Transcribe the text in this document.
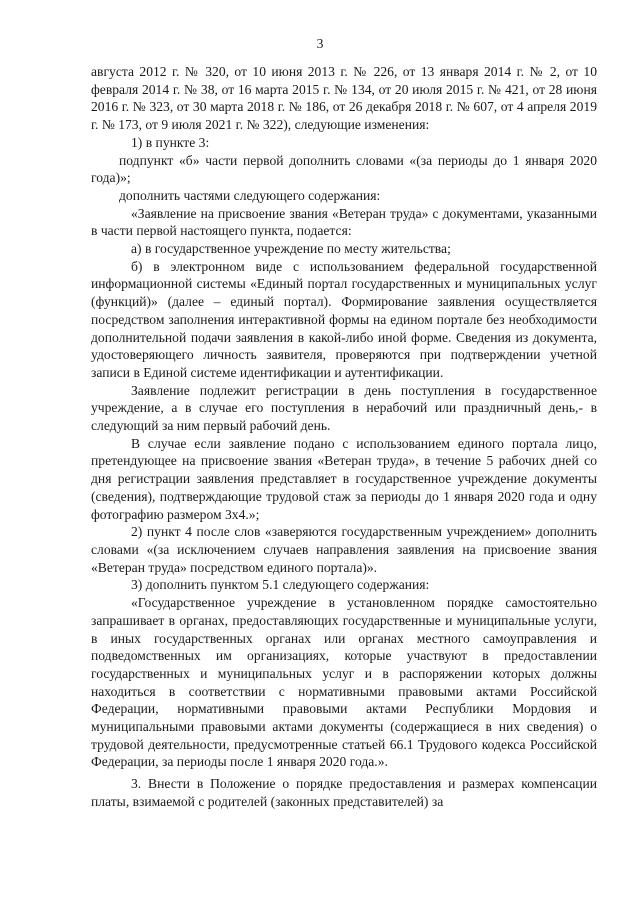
3

августа 2012 г. № 320, от 10 июня 2013 г. № 226, от 13 января 2014 г. № 2, от 10 февраля 2014 г. № 38, от 16 марта 2015 г. № 134, от 20 июля 2015 г. № 421, от 28 июня 2016 г. № 323, от 30 марта 2018 г. № 186, от 26 декабря 2018 г. № 607, от 4 апреля 2019 г. № 173, от 9 июля 2021 г. № 322), следующие изменения:

1) в пункте 3:

подпункт «б» части первой дополнить словами «(за периоды до 1 января 2020 года)»;

дополнить частями следующего содержания:

«Заявление на присвоение звания «Ветеран труда» с документами, указанными в части первой настоящего пункта, подается:

а) в государственное учреждение по месту жительства;

б) в электронном виде с использованием федеральной государственной информационной системы «Единый портал государственных и муниципальных услуг (функций)» (далее – единый портал). Формирование заявления осуществляется посредством заполнения интерактивной формы на едином портале без необходимости дополнительной подачи заявления в какой-либо иной форме. Сведения из документа, удостоверяющего личность заявителя, проверяются при подтверждении учетной записи в Единой системе идентификации и аутентификации.

Заявление подлежит регистрации в день поступления в государственное учреждение, а в случае его поступления в нерабочий или праздничный день,- в следующий за ним первый рабочий день.

В случае если заявление подано с использованием единого портала лицо, претендующее на присвоение звания «Ветеран труда», в течение 5 рабочих дней со дня регистрации заявления представляет в государственное учреждение документы (сведения), подтверждающие трудовой стаж за периоды до 1 января 2020 года и одну фотографию размером 3х4.»;

2) пункт 4 после слов «заверяются государственным учреждением» дополнить словами «(за исключением случаев направления заявления на присвоение звания «Ветеран труда» посредством единого портала)».

3) дополнить пунктом 5.1 следующего содержания:

«Государственное учреждение в установленном порядке самостоятельно запрашивает в органах, предоставляющих государственные и муниципальные услуги, в иных государственных органах или органах местного самоуправления и подведомственных им организациях, которые участвуют в предоставлении государственных и муниципальных услуг и в распоряжении которых должны находиться в соответствии с нормативными правовыми актами Российской Федерации, нормативными правовыми актами Республики Мордовия и муниципальными правовыми актами документы (содержащиеся в них сведения) о трудовой деятельности, предусмотренные статьей 66.1 Трудового кодекса Российской Федерации, за периоды после 1 января 2020 года.».

3. Внести в Положение о порядке предоставления и размерах компенсации платы, взимаемой с родителей (законных представителей) за
